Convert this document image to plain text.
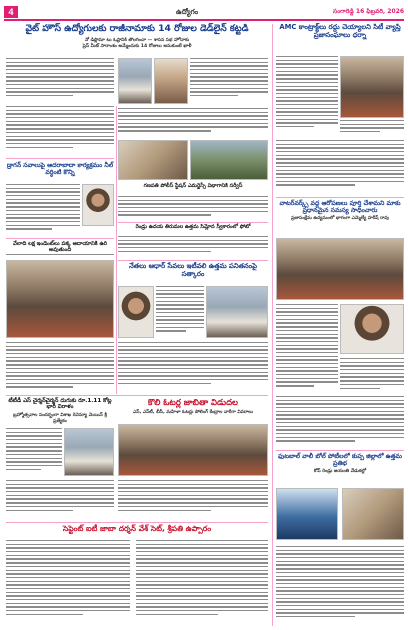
4	ఉద్యోగం	సంగారెడ్డి 16 ఫిబ్రవరి, 2026
వైట్ హౌస్ ఉద్యోగులకు రాజీనామాకు 14 రోజుల డెడ్‌లైన్ కట్టడి
నో డిప్లొమా టు ఓఫ్రానికి తొలగించా — శాసన సభ హోదాకు
ప్రెస్ మీట్ సారాంశం అమ్మేందుకు 14 రోజులు అనుకుంటే ఖాళీ
డ్రాగన్ సవాలుపై ఆదరాబాదా కార్యక్రమం నీల్ వర్ధింటి కొన్ని
వేలాది లక్ష ఇండెంట్‌లు పక్క ఆదాయానికి ఉరి అవుతుంది
టీటీడీ ఎస్‌ చైర్మన్‌చైర్మన్‌ దుగుకు రూ.1.11 కోట్ల భారీ విరాళం
బ్రహ్మోత్సవాల సందర్భంగా విశాఖ రెవెన్యూ మెయిన్ శ్రీ ప్రత్యేకం
సెప్టెంట్ ఐటీ జాబా దర్శన్ వేశ్ సెట్, శ్రీపతి ఉప్పారం
గణపతి పోలీస్ స్టేషన్ ఎమర్జెన్సీ విభాగానికి సర్వీస్
రెండ్రు ఉదయ తిరుమల ఉత్తమ సిమ్లోన స్వీకారంలో ఫోటో
నేతలు ఆధార్ సేవలు ఇటీవలి ఉత్తమ పనితనంపై సత్కారం
కొలి ఓటర్ల జాబితా విడుదల
ఎస్‌, ఎస్‌టీ, బీసీ, మహిళా ఓటర్లు పోలింగ్ కేంద్రాల వారీగా వివరాలు
AMC కాంట్రాక్ట్‌లు రద్దు చెయ్యాలని సిటీ వ్యాప్తి ప్రజాసంఘాలు ధర్నా
వాటర్‌వర్క్స్‌ వద్ద ఆరోపణలు పూర్తి చేశామని మాకు ప్రధానమైన సమస్య సాధించారు
ప్రజాసంక్షేమ ఉద్యమంలో భాగంగా ఎమ్మెల్యే హరీష్ రావు
ఫుటబాల్ వాలీ బోల్ పోటీలలో కుప్ప జిల్లాలో ఉత్తమ ప్రతిభ
కోప్ రెండ్రు జయంతి వేడుకల్లో
